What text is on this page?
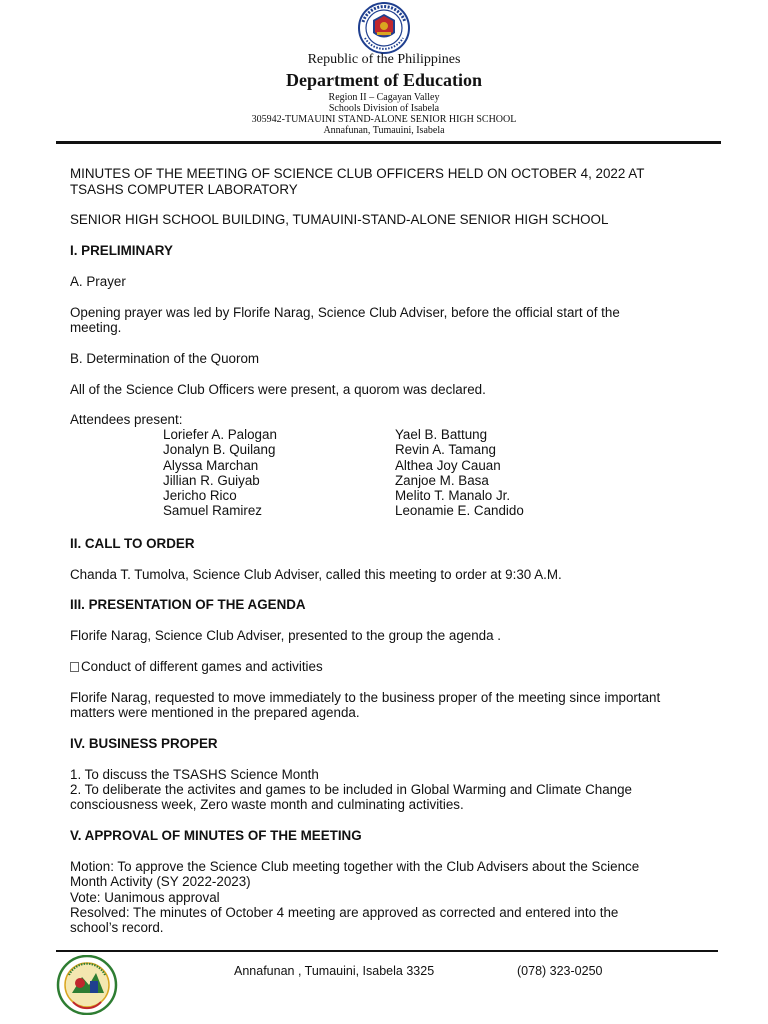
Republic of the Philippines
Department of Education
Region II – Cagayan Valley
Schools Division of Isabela
305942-TUMAUINI STAND-ALONE SENIOR HIGH SCHOOL
Annafunan, Tumauini, Isabela
MINUTES OF THE MEETING OF SCIENCE CLUB OFFICERS HELD ON OCTOBER 4, 2022 AT
TSASHS COMPUTER LABORATORY
SENIOR HIGH SCHOOL BUILDING, TUMAUINI-STAND-ALONE SENIOR HIGH SCHOOL
I. PRELIMINARY
A. Prayer
Opening prayer was led by Florife Narag, Science Club Adviser, before the official start of the
meeting.
B. Determination of the Quorom
All of the Science Club Officers were present, a quorom was declared.
Attendees present:
Loriefer A. Palogan
Jonalyn B. Quilang
Alyssa Marchan
Jillian R. Guiyab
Jericho Rico
Samuel Ramirez
Yael B. Battung
Revin A. Tamang
Althea Joy Cauan
Zanjoe M. Basa
Melito T. Manalo Jr.
Leonamie E. Candido
II. CALL TO ORDER
Chanda T. Tumolva, Science Club Adviser, called this meeting to order at 9:30 A.M.
III. PRESENTATION OF THE AGENDA
Florife Narag, Science Club Adviser, presented to the group the agenda .
Conduct of different games and activities
Florife Narag, requested to move immediately to the business proper of the meeting since important
matters were mentioned in the prepared agenda.
IV. BUSINESS PROPER
1. To discuss the TSASHS Science Month
2. To deliberate the activites and games to be included in Global Warming and Climate Change
consciousness week, Zero waste month and culminating activities.
V. APPROVAL OF MINUTES OF THE MEETING
Motion: To approve the Science Club meeting together with the Club Advisers about the Science
Month Activity (SY 2022-2023)
Vote: Uanimous approval
Resolved: The minutes of October 4 meeting are approved as corrected and entered into the
school’s record.
Annafunan , Tumauini, Isabela 3325	(078) 323-0250
